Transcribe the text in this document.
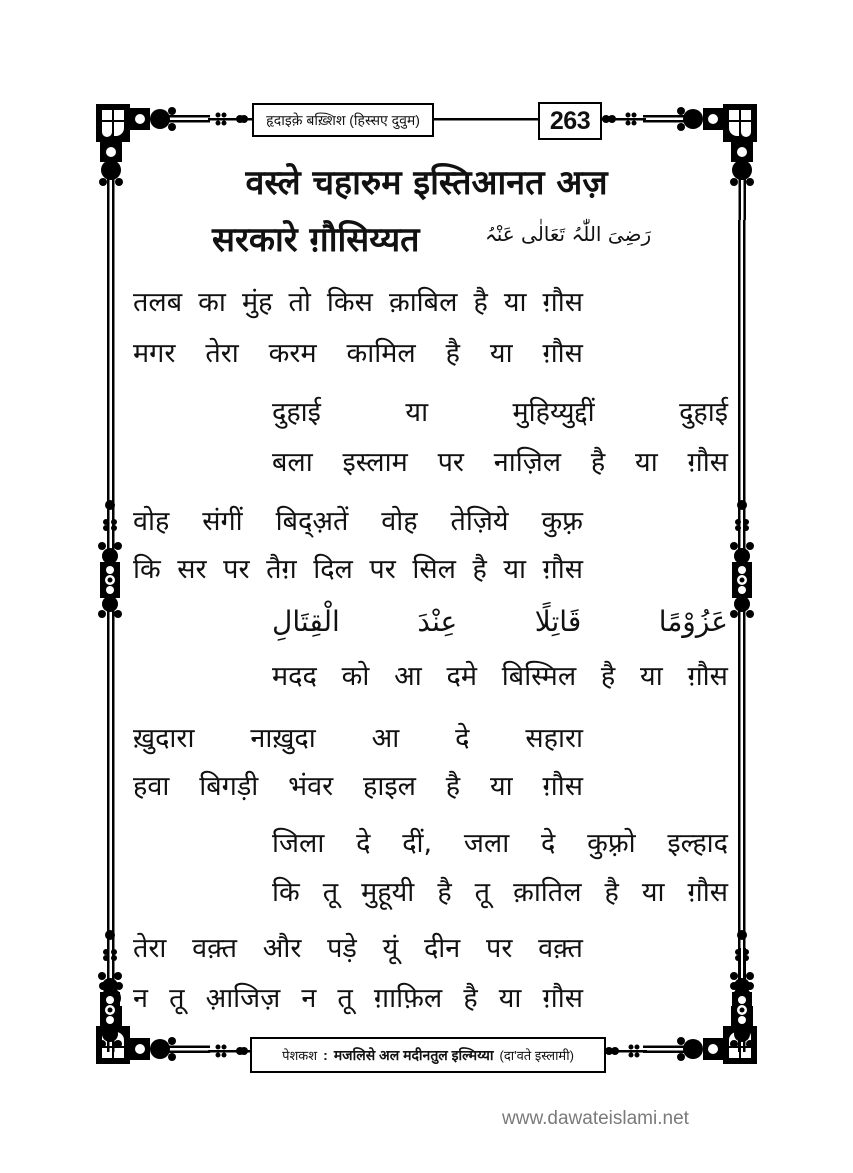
हृदाइक़े बख़्शिश (हिस्सए दुवुम)	263
वस्ले चहारुम इस्तिआनत अज़
सरकारे ग़ौसिय्यत	رَضِیَ اللّٰہُ تَعَالٰی عَنْہُ
तलब का मुंह तो किस क़ाबिल है या ग़ौस
मगर तेरा करम कामिल है या ग़ौस
दुहाई	या	मुहिय्युद्दीं	दुहाई
बला इस्लाम पर नाज़िल है या ग़ौस
वोह संगीं बिद्अ़तें वोह तेज़िये कुफ़्र
कि सर पर तैग़ दिल पर सिल है या ग़ौस
عَزُوْمًا
قَاتِلًا
عِنْدَ
الْقِتَالِ
मदद को आ दमे बिस्मिल है या ग़ौस
ख़ुदारा नाख़ुदा आ दे सहारा
हवा बिगड़ी भंवर हाइल है या ग़ौस
जिला दे दीं, जला दे कुफ़्रो इल्हाद
कि तू मुहूयी है तू क़ातिल है या ग़ौस
तेरा वक़्त और पड़े यूं दीन पर वक़्त
न तू आ़जिज़ न तू ग़ाफ़िल है या ग़ौस
पेशकश : मजलिसे अल मदीनतुल इल्मिय्या (दा'वते इस्लामी)
www.dawateislami.net
